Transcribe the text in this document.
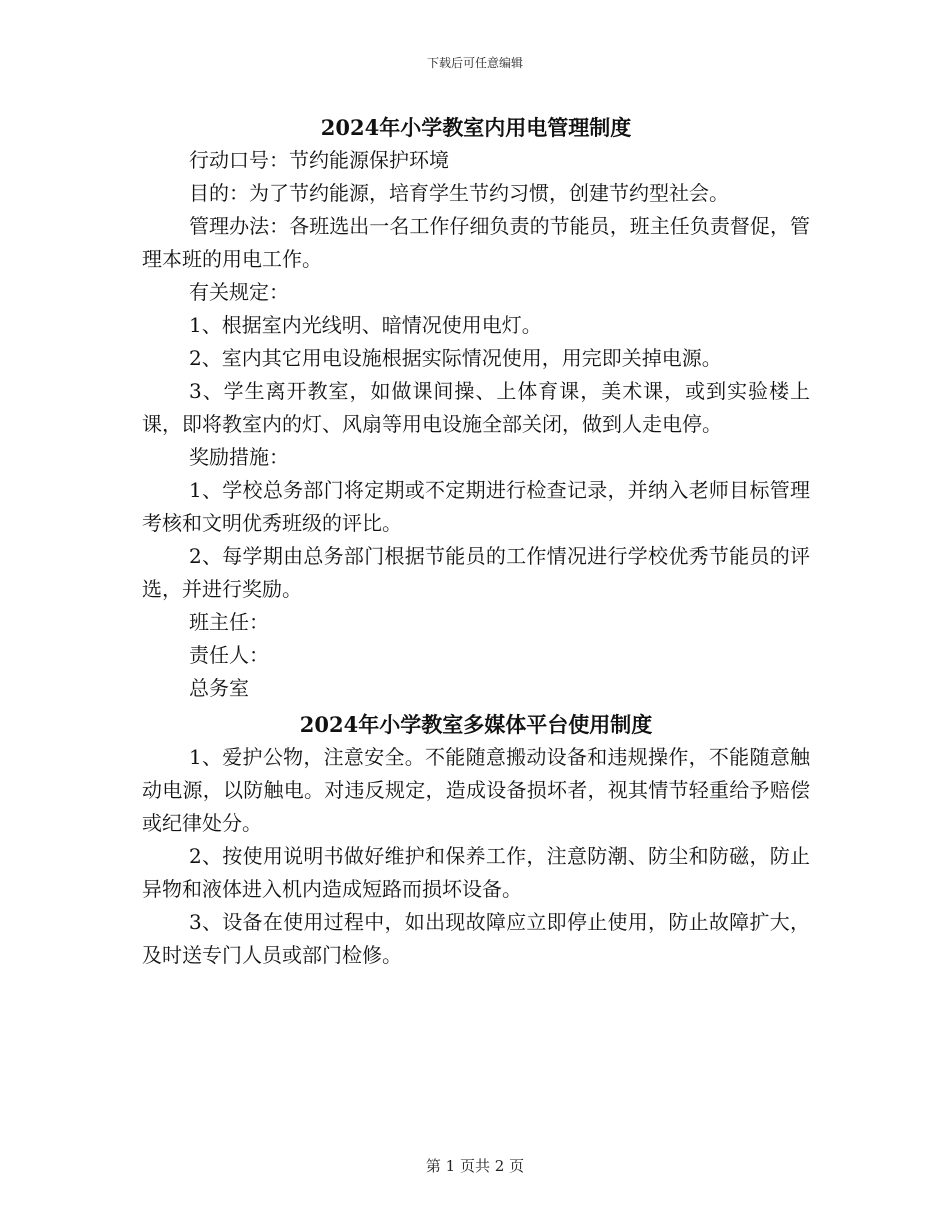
下载后可任意编辑
2024年小学教室内用电管理制度

行动口号：节约能源保护环境

目的：为了节约能源，培育学生节约习惯，创建节约型社会。

管理办法：各班选出一名工作仔细负责的节能员，班主任负责督促，管理本班的用电工作。

有关规定：

1、根据室内光线明、暗情况使用电灯。

2、室内其它用电设施根据实际情况使用，用完即关掉电源。

3、学生离开教室，如做课间操、上体育课，美术课，或到实验楼上课，即将教室内的灯、风扇等用电设施全部关闭，做到人走电停。

奖励措施：

1、学校总务部门将定期或不定期进行检查记录，并纳入老师目标管理考核和文明优秀班级的评比。

2、每学期由总务部门根据节能员的工作情况进行学校优秀节能员的评选，并进行奖励。

班主任：

责任人：

总务室

2024年小学教室多媒体平台使用制度

1、爱护公物，注意安全。不能随意搬动设备和违规操作，不能随意触动电源，以防触电。对违反规定，造成设备损坏者，视其情节轻重给予赔偿或纪律处分。

2、按使用说明书做好维护和保养工作，注意防潮、防尘和防磁，防止异物和液体进入机内造成短路而损坏设备。

3、设备在使用过程中，如出现故障应立即停止使用，防止故障扩大，及时送专门人员或部门检修。

第 1 页共 2 页
